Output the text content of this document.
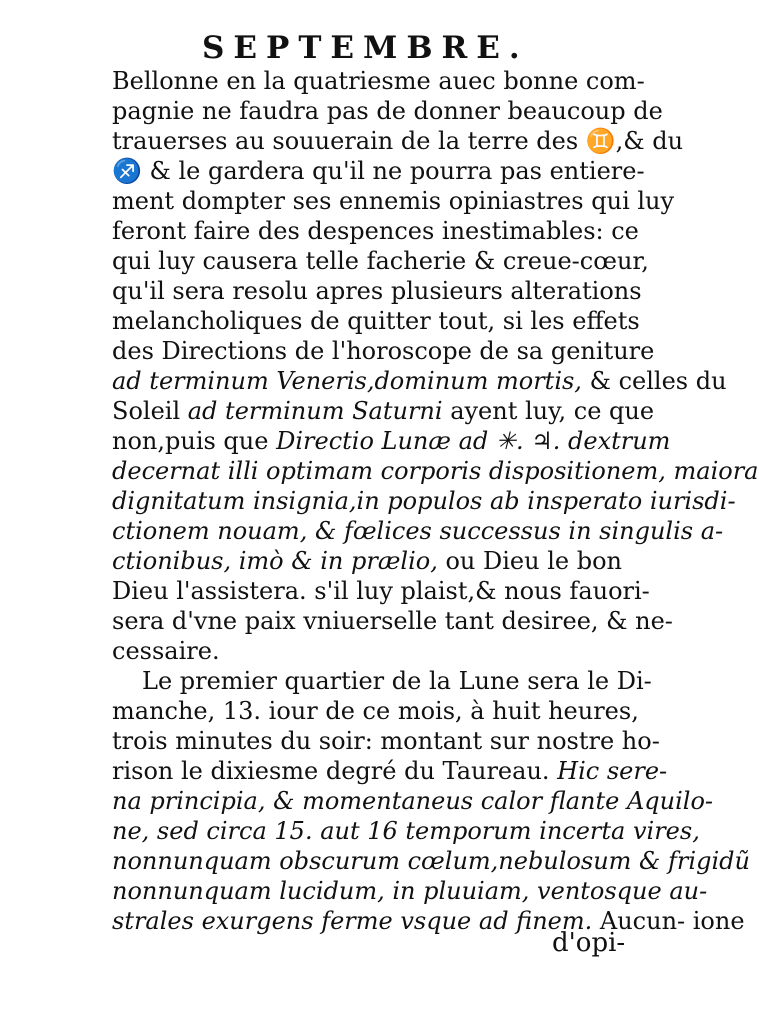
SEPTEMBRE.
Bellonne en la quatriesme auec bonne com-
pagnie ne faudra pas de donner beaucoup de
trauerses au souuerain de la terre des ♊,& du
♐ & le gardera qu'il ne pourra pas entiere-
ment dompter ses ennemis opiniastres qui luy
feront faire des despences inestimables: ce
qui luy causera telle facherie & creue-cœur,
qu'il sera resolu apres plusieurs alterations
melancholiques de quitter tout, si les effets
des Directions de l'horoscope de sa geniture
ad terminum Veneris,dominum mortis, & celles du
Soleil ad terminum Saturni ayent luy, ce que
non,puis que Directio Lunæ ad ✳. ♃. dextrum
decernat illi optimam corporis dispositionem, maiora
dignitatum insignia,in populos ab insperato iurisdi-
ctionem nouam, & fœlices successus in singulis a-
ctionibus, imò & in prælio, ou Dieu le bon
Dieu l'assistera. s'il luy plaist,& nous fauori-
sera d'vne paix vniuerselle tant desiree, & ne-
cessaire.
Le premier quartier de la Lune sera le Di-
manche, 13. iour de ce mois, à huit heures,
trois minutes du soir: montant sur nostre ho-
rison le dixiesme degré du Taureau. Hic sere-
na principia, & momentaneus calor flante Aquilo-
ne, sed circa 15. aut 16 temporum incerta vires,
nonnunquam obscurum cœlum,nebulosum & frigidũ
nonnunquam lucidum, in pluuiam, ventosque au-
strales exurgens ferme vsque ad finem. Aucun- ione
d'opi-
